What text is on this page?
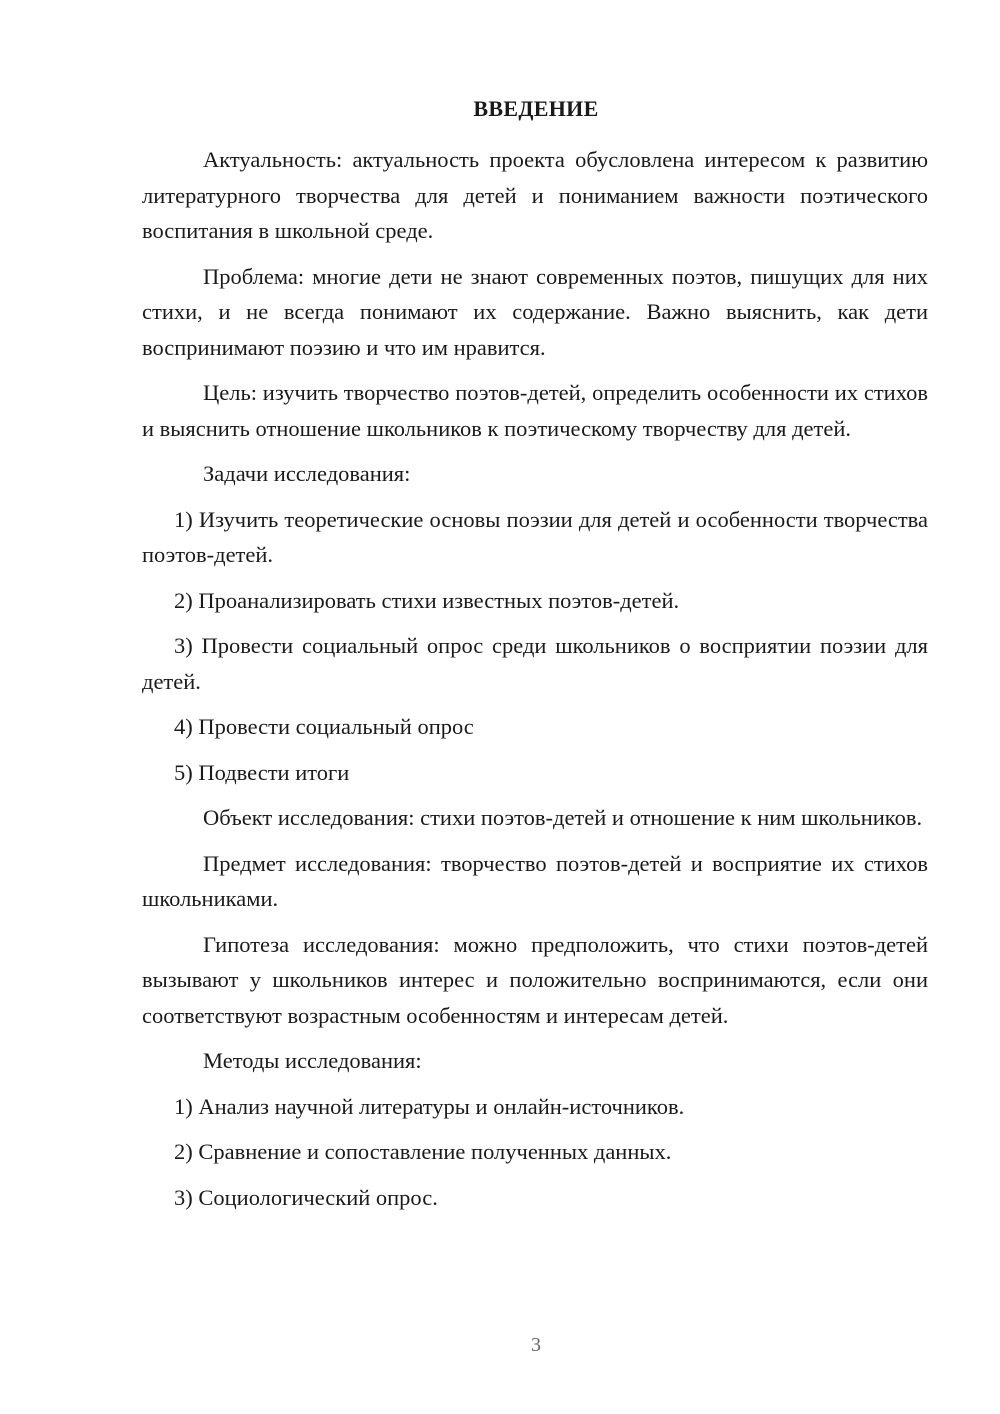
ВВЕДЕНИЕ

Актуальность: актуальность проекта обусловлена интересом к развитию литературного творчества для детей и пониманием важности поэтического воспитания в школьной среде.

Проблема: многие дети не знают современных поэтов, пишущих для них стихи, и не всегда понимают их содержание. Важно выяснить, как дети воспринимают поэзию и что им нравится.

Цель: изучить творчество поэтов-детей, определить особенности их стихов и выяснить отношение школьников к поэтическому творчеству для детей.

Задачи исследования:

1) Изучить теоретические основы поэзии для детей и особенности творчества поэтов-детей.

2) Проанализировать стихи известных поэтов-детей.

3) Провести социальный опрос среди школьников о восприятии поэзии для детей.

4) Провести социальный опрос

5) Подвести итоги

Объект исследования: стихи поэтов-детей и отношение к ним школьников.

Предмет исследования: творчество поэтов-детей и восприятие их стихов школьниками.

Гипотеза исследования: можно предположить, что стихи поэтов-детей вызывают у школьников интерес и положительно воспринимаются, если они соответствуют возрастным особенностям и интересам детей.

Методы исследования:

1) Анализ научной литературы и онлайн-источников.

2) Сравнение и сопоставление полученных данных.

3) Социологический опрос.

3
